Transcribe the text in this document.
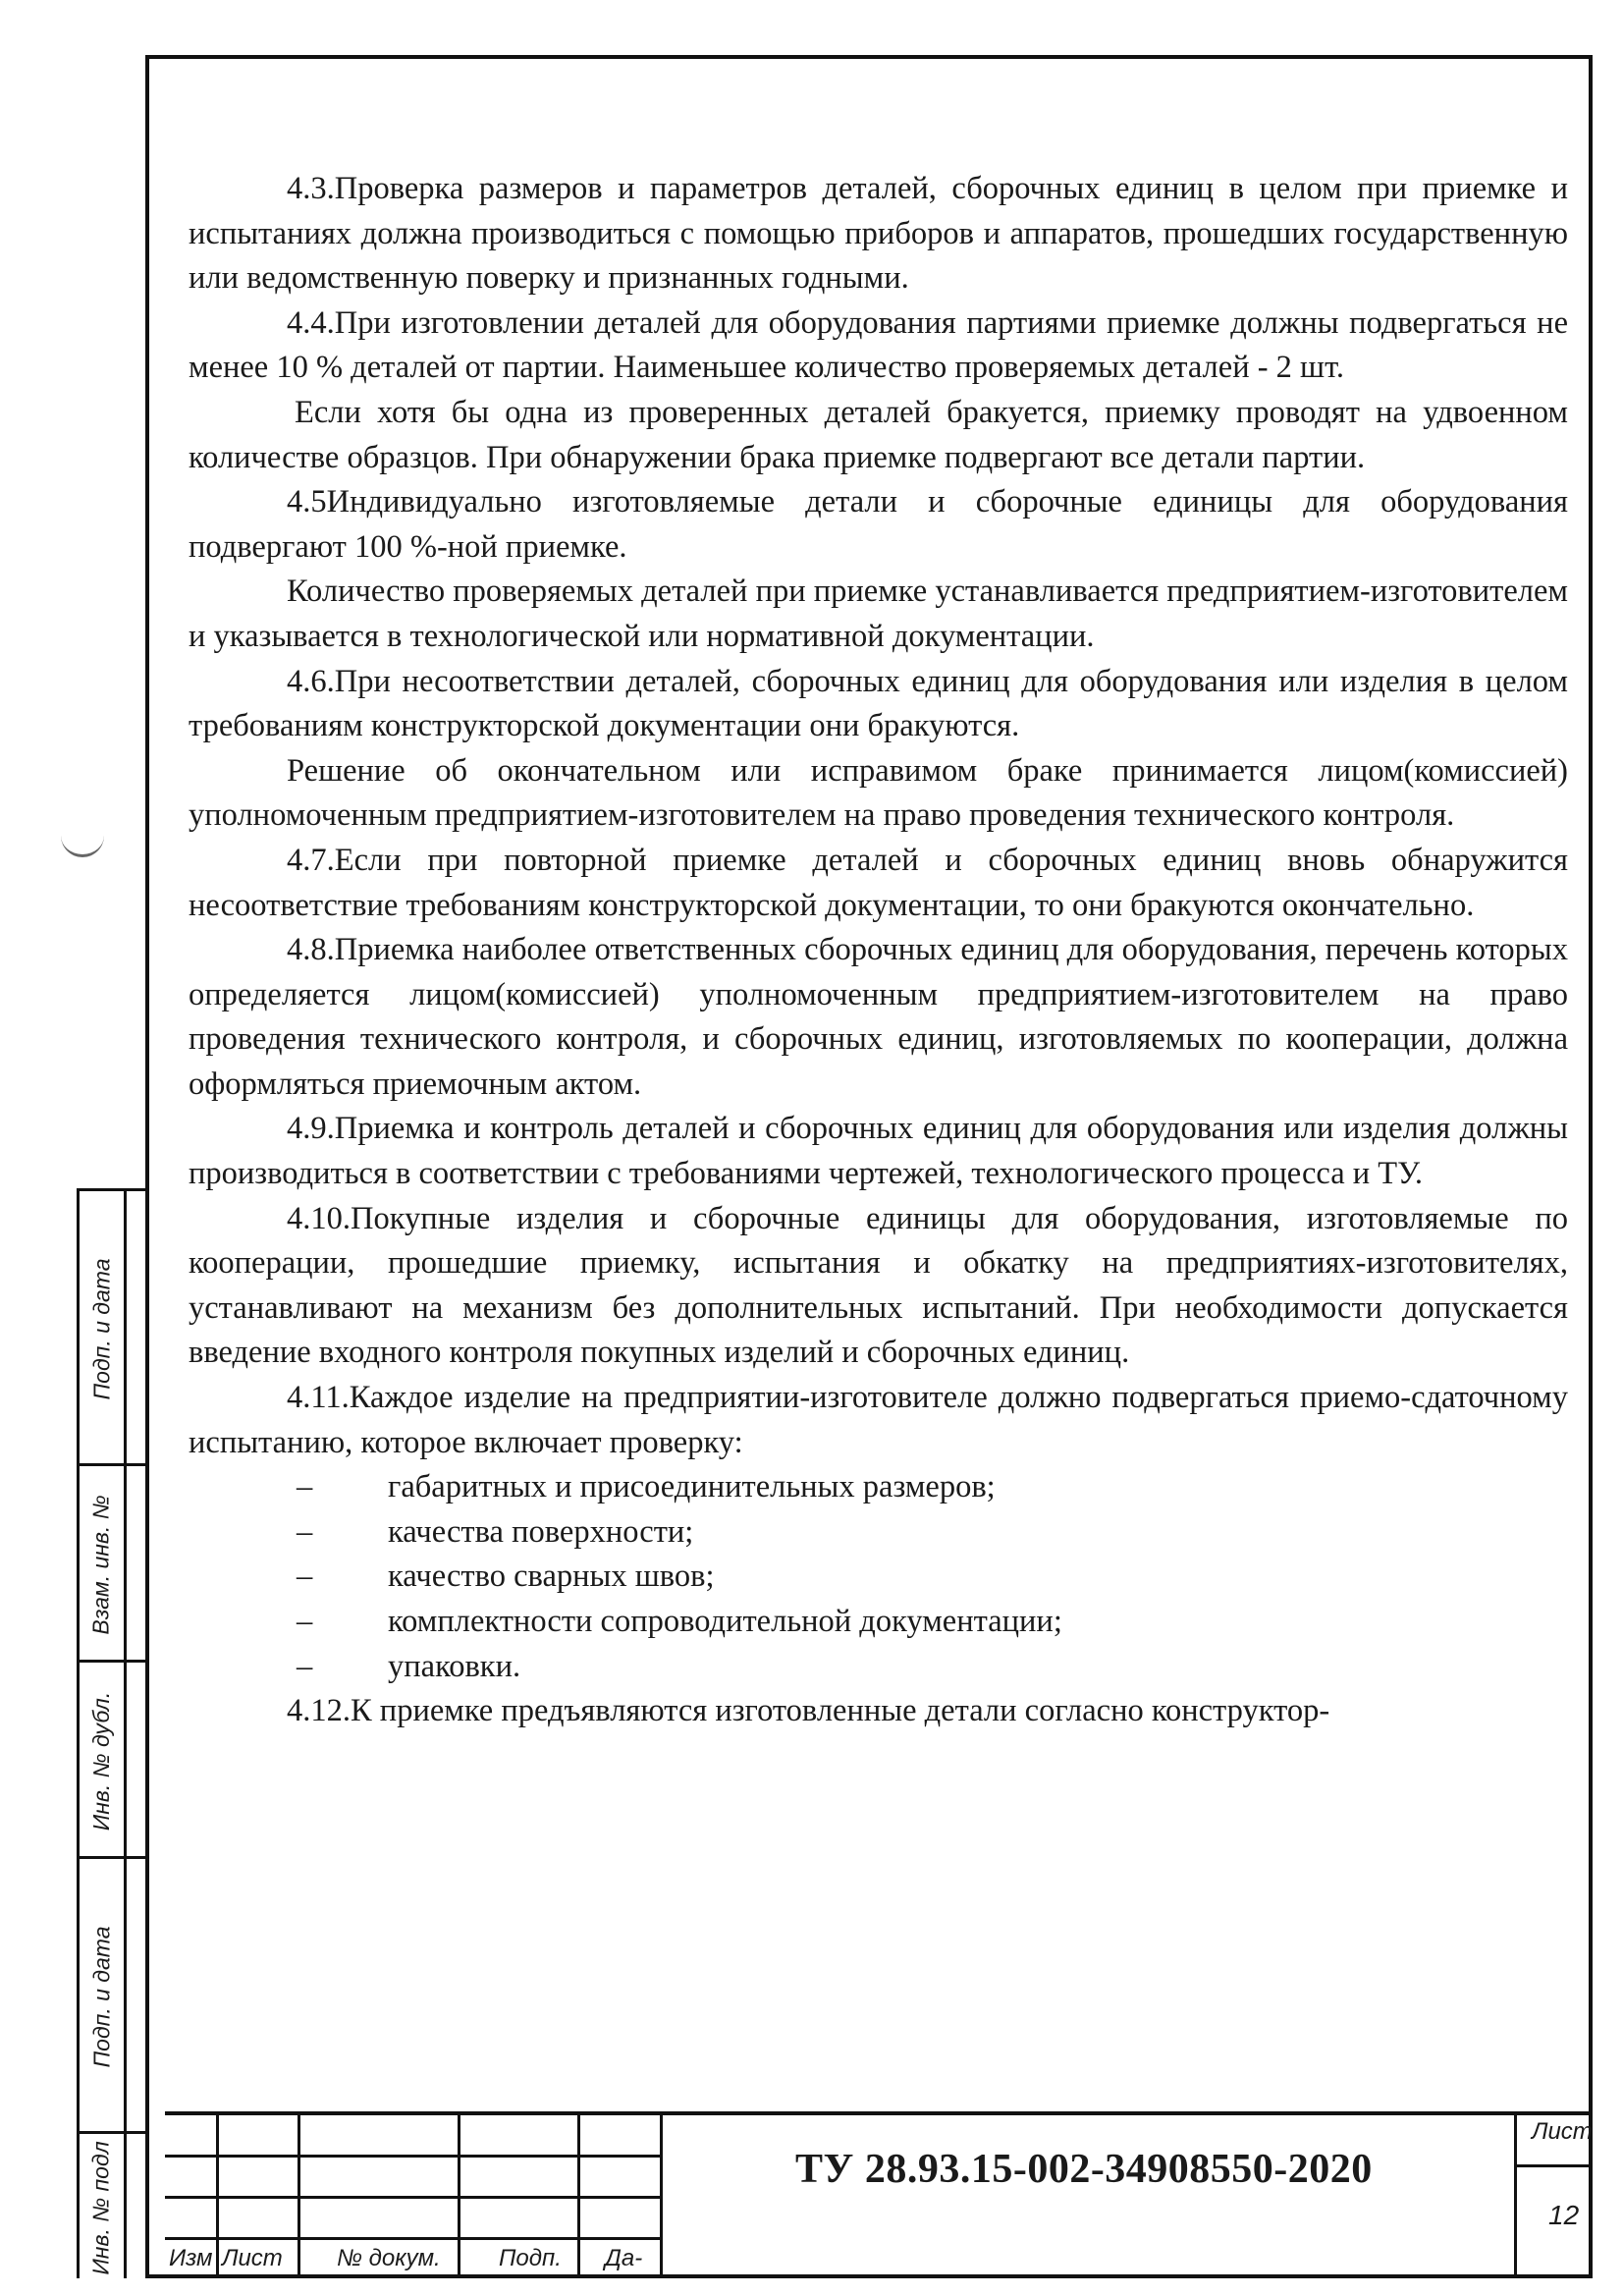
4.3.Проверка размеров и параметров деталей, сборочных единиц в целом при приемке и испытаниях должна производиться с помощью приборов и аппаратов, прошедших государственную или ведомственную поверку и признанных годными.

4.4.При изготовлении деталей для оборудования партиями приемке должны подвергаться не менее 10 % деталей от партии. Наименьшее количество проверяемых деталей - 2 шт.

Если хотя бы одна из проверенных деталей бракуется, приемку проводят на удвоенном количестве образцов. При обнаружении брака приемке подвергают все детали партии.

4.5Индивидуально изготовляемые детали и сборочные единицы для оборудования подвергают 100 %-ной приемке.

Количество проверяемых деталей при приемке устанавливается предприятием-изготовителем и указывается в технологической или нормативной документации.

4.6.При несоответствии деталей, сборочных единиц для оборудования или изделия в целом требованиям конструкторской документации они бракуются.

Решение об окончательном или исправимом браке принимается лицом(комиссией) уполномоченным предприятием-изготовителем на право проведения технического контроля.

4.7.Если при повторной приемке деталей и сборочных единиц вновь обнаружится несоответствие требованиям конструкторской документации, то они бракуются окончательно.

4.8.Приемка наиболее ответственных сборочных единиц для оборудования, перечень которых определяется лицом(комиссией) уполномоченным предприятием-изготовителем на право проведения технического контроля, и сборочных единиц, изготовляемых по кооперации, должна оформляться приемочным актом.

4.9.Приемка и контроль деталей и сборочных единиц для оборудования или изделия должны производиться в соответствии с требованиями чертежей, технологического процесса и ТУ.

4.10.Покупные изделия и сборочные единицы для оборудования, изготовляемые по кооперации, прошедшие приемку, испытания и обкатку на предприятиях-изготовителях, устанавливают на механизм без дополнительных испытаний. При необходимости допускается введение входного контроля покупных изделий и сборочных единиц.

4.11.Каждое изделие на предприятии-изготовителе должно подвергаться приемо-сдаточному испытанию, которое включает проверку:

–	габаритных и присоединительных размеров;
–	качества поверхности;
–	качество сварных швов;
–	комплектности сопроводительной документации;
–	упаковки.

4.12.К приемке предъявляются изготовленные детали согласно конструктор-

Подп. и дата
Взам. инв. №
Инв. № дубл.
Подп. и дата
Инв. № подл Изм Лист № докум. Подп. Да-
ТУ 28.93.15-002-34908550-2020
Лист
12
